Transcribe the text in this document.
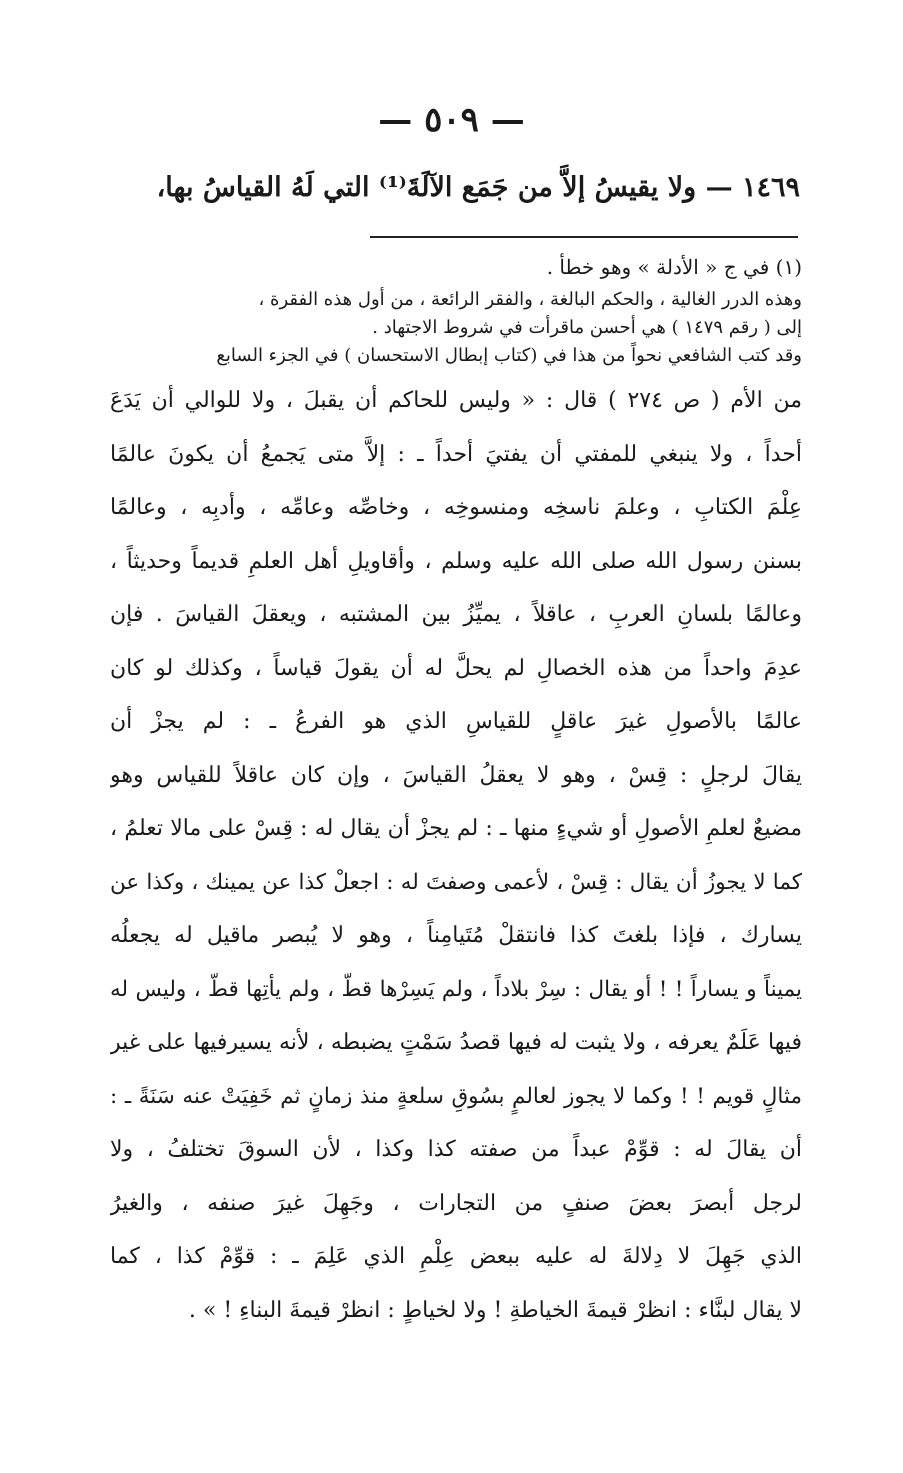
— ٥٠٩ —
١٤٦٩ — ولا يقيسُ إلاَّ من جَمَع الآلَةَ⁽¹⁾ التي لَهُ القياسُ بها،
(١) في ج « الأدلة » وهو خطأ .
وهذه الدرر الغالية ، والحكم البالغة ، والفقر الرائعة ، من أول هذه الفقرة ،
إلى ( رقم ١٤٧٩ ) هي أحسن ماقرأت في شروط الاجتهاد .
وقد كتب الشافعي نحواً من هذا في (كتاب إبطال الاستحسان ) في الجزء السابع
من الأم ( ص ٢٧٤ ) قال : « وليس للحاكم أن يقبلَ ، ولا للوالي أن يَدَعَ
أحداً ، ولا ينبغي للمفتي أن يفتيَ أحداً ـ : إلاَّ متى يَجمعُ أن يكونَ عالمًا
عِلْمَ الكتابِ ، وعلمَ ناسخِه ومنسوخِه ، وخاصِّه وعامِّه ، وأدبِه ، وعالمًا
بسنن رسول الله صلى الله عليه وسلم ، وأقاويلِ أهل العلمِ قديماً وحديثاً ،
وعالمًا بلسانِ العربِ ، عاقلاً ، يميِّزُ بين المشتبه ، ويعقلَ القياسَ . فإن
عدِمَ واحداً من هذه الخصالِ لم يحلَّ له أن يقولَ قياساً ، وكذلك لو كان
عالمًا بالأصولِ غيرَ عاقلٍ للقياسِ الذي هو الفرعُ ـ : لم يجزْ أن
يقالَ لرجلٍ : قِسْ ، وهو لا يعقلُ القياسَ ، وإن كان عاقلاً للقياس وهو
مضيعٌ لعلمِ الأصولِ أو شيءٍ منها ـ : لم يجزْ أن يقال له : قِسْ على مالا تعلمُ ،
كما لا يجوزُ أن يقال : قِسْ ، لأعمى وصفتَ له : اجعلْ كذا عن يمينك ، وكذا عن
يسارك ، فإذا بلغتَ كذا فانتقلْ مُتَيامِناً ، وهو لا يُبصر ماقيل له يجعلُه
يميناً و يساراً ! ! أو يقال : سِرْ بلاداً ، ولم يَسِرْها قطّ ، ولم يأتِها قطّ ، وليس له
فيها عَلَمٌ يعرفه ، ولا يثبت له فيها قصدُ سَمْتٍ يضبطه ، لأنه يسيرفيها على غير
مثالٍ قويم ! ! وكما لا يجوز لعالمٍ بسُوقِ سلعةٍ منذ زمانٍ ثم خَفِيَتْ عنه سَنَةً ـ :
أن يقالَ له : قوِّمْ عبداً من صفته كذا وكذا ، لأن السوقَ تختلفُ ، ولا
لرجل أبصرَ بعضَ صنفٍ من التجارات ، وجَهِلَ غيرَ صنفه ، والغيرُ
الذي جَهِلَ لا دِلالةَ له عليه ببعض عِلْمِ الذي عَلِمَ ـ : قوِّمْ كذا ، كما
لا يقال لبنَّاء : انظرْ قيمةَ الخياطةِ ! ولا لخياطٍ : انظرْ قيمةَ البناءِ ! » .
